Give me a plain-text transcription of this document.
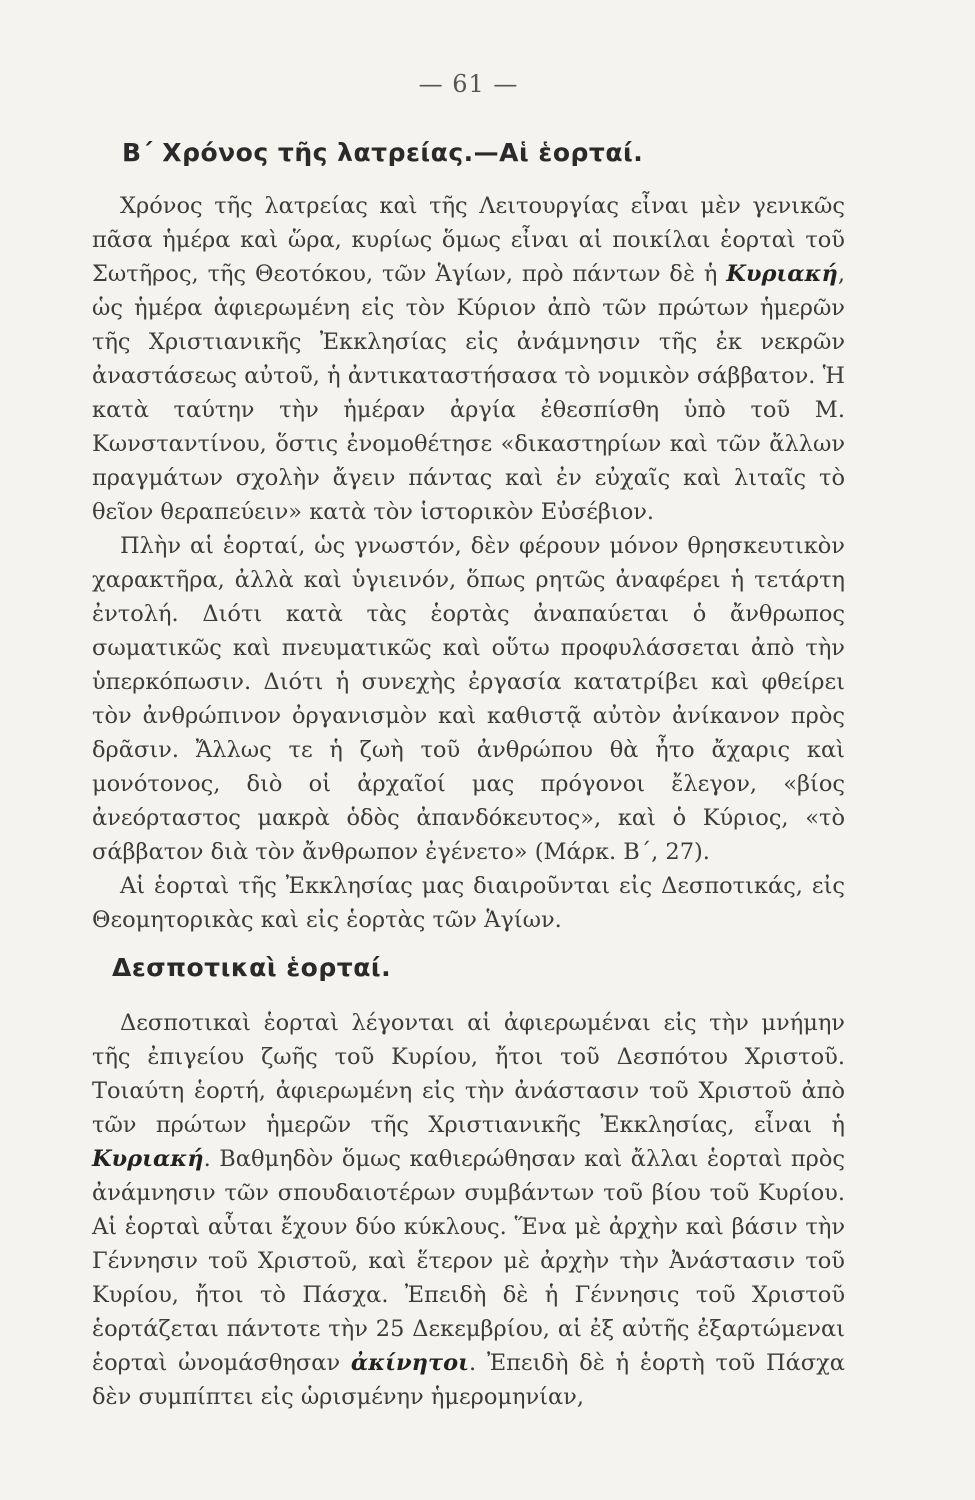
— 61 —
Β΄ Χρόνος τῆς λατρείας.—Αἱ ἑορταί.

Χρόνος τῆς λατρείας καὶ τῆς Λειτουργίας εἶναι μὲν γενικῶς πᾶσα ἡμέρα καὶ ὥρα, κυρίως ὅμως εἶναι αἱ ποικίλαι ἑορταὶ τοῦ Σωτῆρος, τῆς Θεοτόκου, τῶν Ἁγίων, πρὸ πάντων δὲ ἡ Κυριακή, ὡς ἡμέρα ἀφιερωμένη εἰς τὸν Κύριον ἀπὸ τῶν πρώτων ἡμερῶν τῆς Χριστιανικῆς Ἐκκλησίας εἰς ἀνάμνησιν τῆς ἐκ νεκρῶν ἀναστάσεως αὐτοῦ, ἡ ἀντικαταστήσασα τὸ νομικὸν σάββατον. Ἡ κατὰ ταύτην τὴν ἡμέραν ἀργία ἐθεσπίσθη ὑπὸ τοῦ Μ. Κωνσταντίνου, ὅστις ἐνομοθέτησε «δικαστηρίων καὶ τῶν ἄλλων πραγμάτων σχολὴν ἄγειν πάντας καὶ ἐν εὐχαῖς καὶ λιταῖς τὸ θεῖον θεραπεύειν» κατὰ τὸν ἱστορικὸν Εὐσέβιον.

Πλὴν αἱ ἑορταί, ὡς γνωστόν, δὲν φέρουν μόνον θρησκευτικὸν χαρακτῆρα, ἀλλὰ καὶ ὑγιεινόν, ὅπως ρητῶς ἀναφέρει ἡ τετάρτη ἐντολή. Διότι κατὰ τὰς ἑορτὰς ἀναπαύεται ὁ ἄνθρωπος σωματικῶς καὶ πνευματικῶς καὶ οὕτω προφυλάσσεται ἀπὸ τὴν ὑπερκόπωσιν. Διότι ἡ συνεχὴς ἐργασία κατατρίβει καὶ φθείρει τὸν ἀνθρώπινον ὀργανισμὸν καὶ καθιστᾷ αὐτὸν ἀνίκανον πρὸς δρᾶσιν. Ἄλλως τε ἡ ζωὴ τοῦ ἀνθρώπου θὰ ἦτο ἄχαρις καὶ μονότονος, διὸ οἱ ἀρχαῖοί μας πρόγονοι ἔλεγον, «βίος ἀνεόρταστος μακρὰ ὁδὸς ἀπανδόκευτος», καὶ ὁ Κύριος, «τὸ σάββατον διὰ τὸν ἄνθρωπον ἐγένετο» (Μάρκ. Β΄, 27).

Αἱ ἑορταὶ τῆς Ἐκκλησίας μας διαιροῦνται εἰς Δεσποτικάς, εἰς Θεομητορικὰς καὶ εἰς ἑορτὰς τῶν Ἁγίων.

Δεσποτικαὶ ἑορταί.

Δεσποτικαὶ ἑορταὶ λέγονται αἱ ἀφιερωμέναι εἰς τὴν μνήμην τῆς ἐπιγείου ζωῆς τοῦ Κυρίου, ἤτοι τοῦ Δεσπότου Χριστοῦ. Τοιαύτη ἑορτή, ἀφιερωμένη εἰς τὴν ἀνάστασιν τοῦ Χριστοῦ ἀπὸ τῶν πρώτων ἡμερῶν τῆς Χριστιανικῆς Ἐκκλησίας, εἶναι ἡ Κυριακή. Βαθμηδὸν ὅμως καθιερώθησαν καὶ ἄλλαι ἑορταὶ πρὸς ἀνάμνησιν τῶν σπουδαιοτέρων συμβάντων τοῦ βίου τοῦ Κυρίου. Αἱ ἑορταὶ αὗται ἔχουν δύο κύκλους. Ἕνα μὲ ἀρχὴν καὶ βάσιν τὴν Γέννησιν τοῦ Χριστοῦ, καὶ ἕτερον μὲ ἀρχὴν τὴν Ἀνάστασιν τοῦ Κυρίου, ἤτοι τὸ Πάσχα. Ἐπειδὴ δὲ ἡ Γέννησις τοῦ Χριστοῦ ἑορτάζεται πάντοτε τὴν 25 Δεκεμβρίου, αἱ ἐξ αὐτῆς ἐξαρτώμεναι ἑορταὶ ὠνομάσθησαν ἀκίνητοι. Ἐπειδὴ δὲ ἡ ἑορτὴ τοῦ Πάσχα δὲν συμπίπτει εἰς ὡρισμένην ἡμερομηνίαν,
